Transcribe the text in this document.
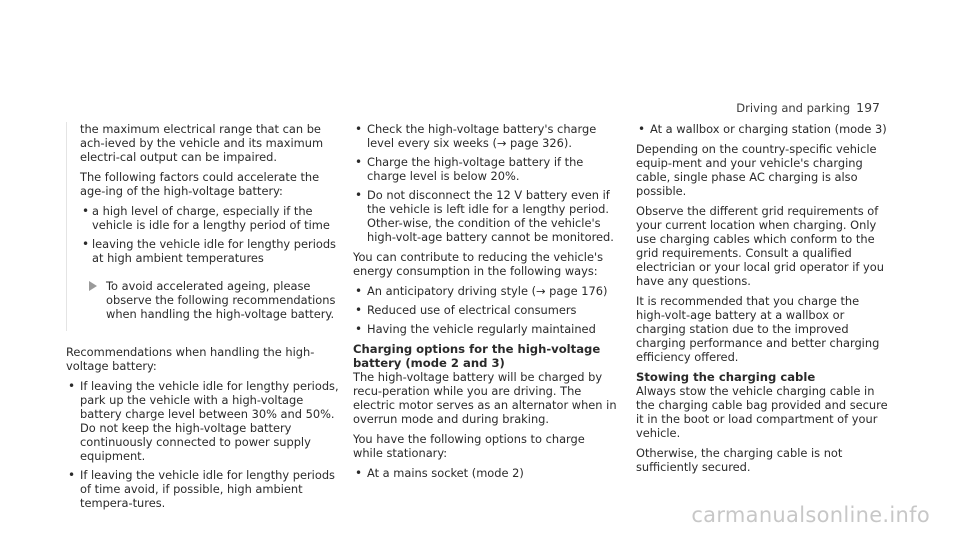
Driving and parking 197

the maximum electrical range that can be ach-ieved by the vehicle and its maximum electri-cal output can be impaired.

The following factors could accelerate the age-ing of the high-voltage battery:

• a high level of charge, especially if the vehicle is idle for a lengthy period of time
• leaving the vehicle idle for lengthy periods at high ambient temperatures
To avoid accelerated ageing, please observe the following recommendations when handling the high-voltage battery.

Recommendations when handling the high-voltage battery:

• If leaving the vehicle idle for lengthy periods, park up the vehicle with a high-voltage battery charge level between 30% and 50%. Do not keep the high-voltage battery continuously connected to power supply equipment.
• If leaving the vehicle idle for lengthy periods of time avoid, if possible, high ambient tempera-tures.
• Check the high-voltage battery's charge level every six weeks (→ page 326).
• Charge the high-voltage battery if the charge level is below 20%.
• Do not disconnect the 12 V battery even if the vehicle is left idle for a lengthy period. Other-wise, the condition of the vehicle's high-volt-age battery cannot be monitored.

You can contribute to reducing the vehicle's energy consumption in the following ways:

• An anticipatory driving style (→ page 176)
• Reduced use of electrical consumers
• Having the vehicle regularly maintained
Charging options for the high-voltage battery (mode 2 and 3)

The high-voltage battery will be charged by recu-peration while you are driving. The electric motor serves as an alternator when in overrun mode and during braking.

You have the following options to charge while stationary:

• At a mains socket (mode 2)
• At a wallbox or charging station (mode 3)

Depending on the country-specific vehicle equip-ment and your vehicle's charging cable, single phase AC charging is also possible.

Observe the different grid requirements of your current location when charging. Only use charging cables which conform to the grid requirements. Consult a qualified electrician or your local grid operator if you have any questions.

It is recommended that you charge the high-volt-age battery at a wallbox or charging station due to the improved charging performance and better charging efficiency offered.

Stowing the charging cable

Always stow the vehicle charging cable in the charging cable bag provided and secure it in the boot or load compartment of your vehicle.

Otherwise, the charging cable is not sufficiently secured.

carmanualsonline.info
